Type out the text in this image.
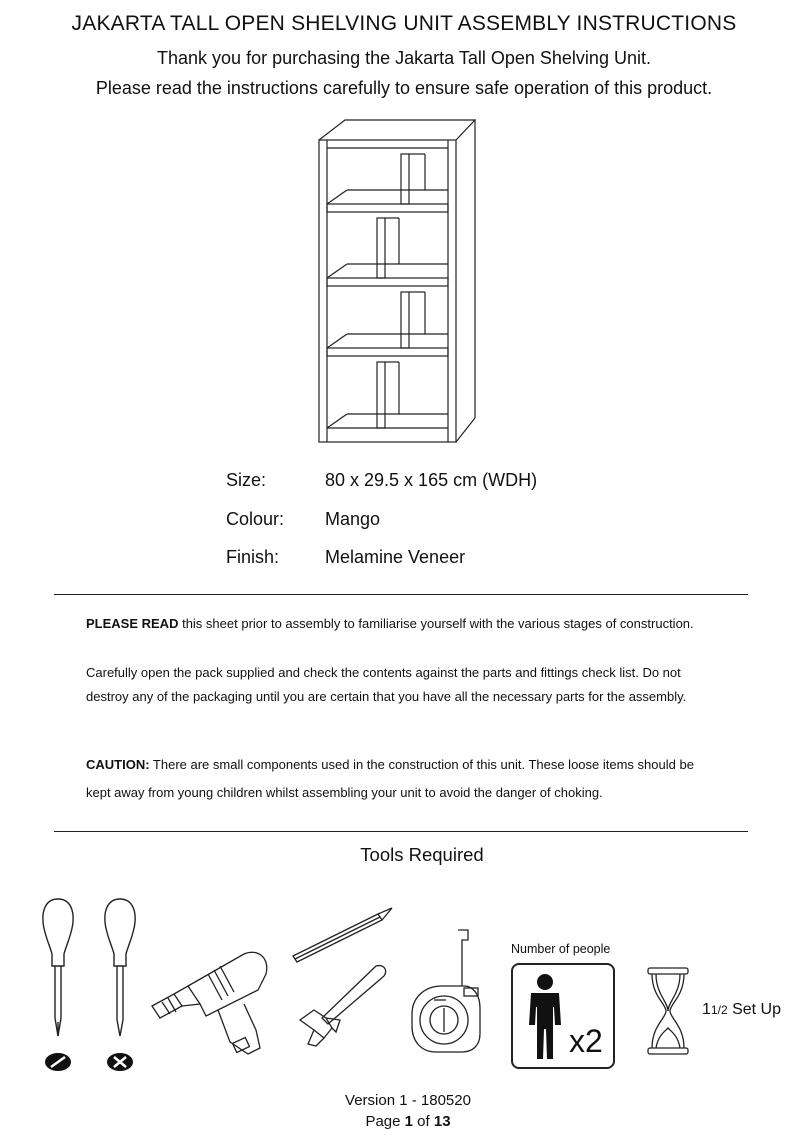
JAKARTA TALL OPEN SHELVING UNIT ASSEMBLY INSTRUCTIONS
Thank you for purchasing the Jakarta Tall Open Shelving Unit.
Please read the instructions carefully to ensure safe operation of this product.
Size:	80 x 29.5 x 165 cm (WDH)
Colour: Mango
Finish:	Melamine Veneer
PLEASE READ this sheet prior to assembly to familiarise yourself with the various stages of construction.
Carefully open the pack supplied and check the contents against the parts and fittings check list. Do not
destroy any of the packaging until you are certain that you have all the necessary parts for the assembly.
CAUTION: There are small components used in the construction of this unit. These loose items should be
kept away from young children whilst assembling your unit to avoid the danger of choking.
Tools Required
Number of people
x2
11/2 Set Up
Version 1 - 180520
Page 1 of 13
